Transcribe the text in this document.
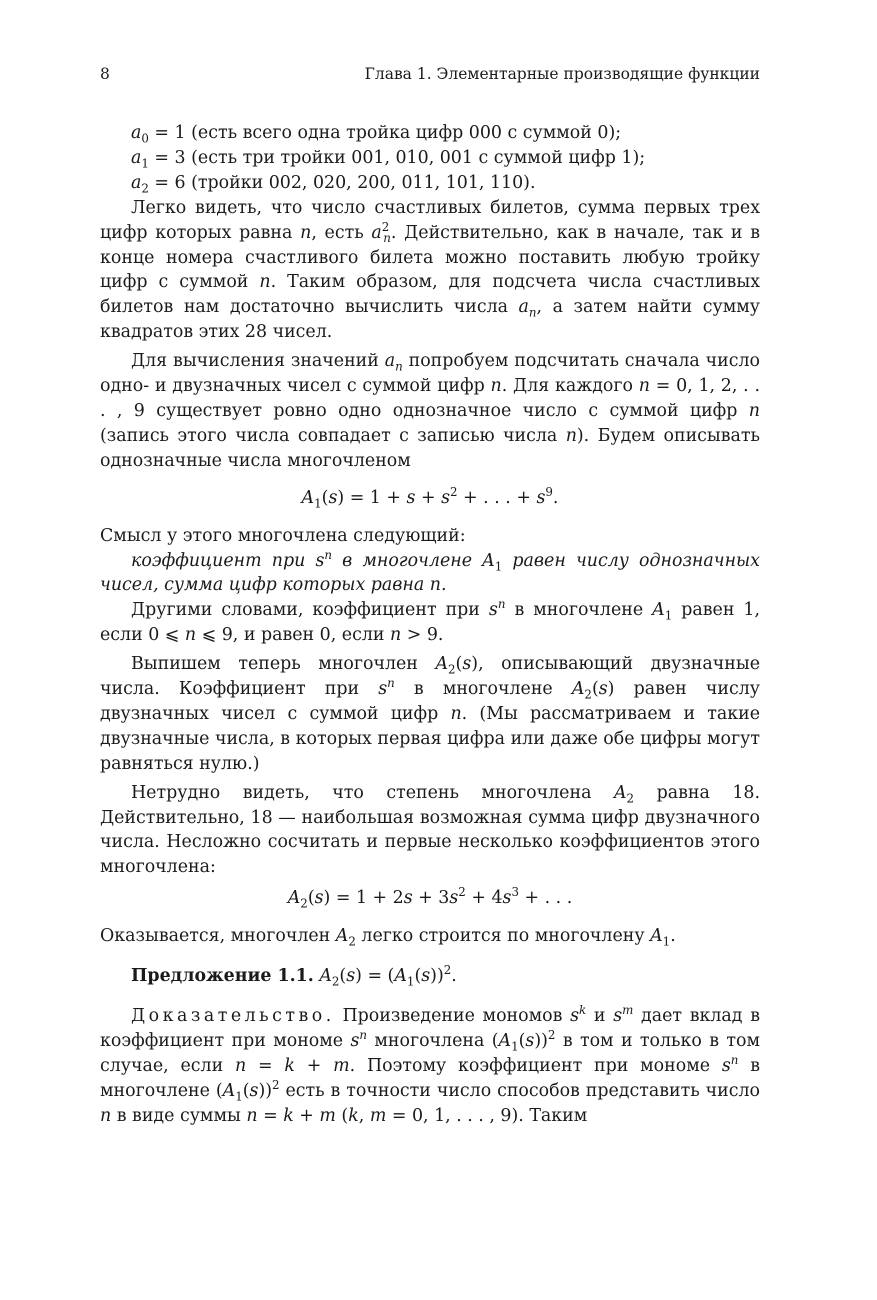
8	Глава 1. Элементарные производящие функции

$a_0 = 1$ (есть всего одна тройка цифр 000 с суммой 0);

$a_1 = 3$ (есть три тройки 001, 010, 001 с суммой цифр 1);

$a_2 = 6$ (тройки 002, 020, 200, 011, 101, 110).

Легко видеть, что число счастливых билетов, сумма первых трех цифр которых равна n, есть $a^2_n$. Действительно, как в начале, так и в конце номера счастливого билета можно поставить любую тройку цифр с суммой n. Таким образом, для подсчета числа счастливых билетов нам достаточно вычислить числа $a_n$, а затем найти сумму квадратов этих 28 чисел.

Для вычисления значений $a_n$ попробуем подсчитать сначала число одно- и двузначных чисел с суммой цифр n. Для каждого n = 0, 1, 2, . . . , 9 существует ровно одно однозначное число с суммой цифр n (запись этого числа совпадает с записью числа n). Будем описывать однозначные числа многочленом

$A_1(s) = 1 + s + s^2$ + . . . + $s^9$.

Смысл у этого многочлена следующий:

коэффициент при $s^n$ в многочлене $A_1$ равен числу однозначных чисел, сумма цифр которых равна n.

Другими словами, коэффициент при $s^n$ в многочлене $A_1$ равен 1, если 0 ⩽ n ⩽ 9, и равен 0, если n > 9.

Выпишем теперь многочлен $A_2(s)$, описывающий двузначные числа. Коэффициент при $s^n$ в многочлене $A_2(s)$ равен числу двузначных чисел с суммой цифр n. (Мы рассматриваем и такие двузначные числа, в которых первая цифра или даже обе цифры могут равняться нулю.)

Нетрудно видеть, что степень многочлена $A_2$ равна 18. Действительно, 18 — наибольшая возможная сумма цифр двузначного числа. Несложно сосчитать и первые несколько коэффициентов этого многочлена:

$A_2(s) = 1 + 2s + 3s^2 + 4s^3$ + . . .

Оказывается, многочлен $A_2$ легко строится по многочлену $A_1$.

Предложение 1.1. $A_2(s) = (A_1(s))^2$.

Доказательство. Произведение мономов $s^k$ и $s^m$ дает вклад в коэффициент при мономе $s^n$ многочлена $(A_1(s))^2$ в том и только в том случае, если n = k + m. Поэтому коэффициент при мономе $s^n$ в многочлене $(A_1(s))^2$ есть в точности число способов представить число n в виде суммы n = k + m (k, m = 0, 1, . . . , 9). Таким
